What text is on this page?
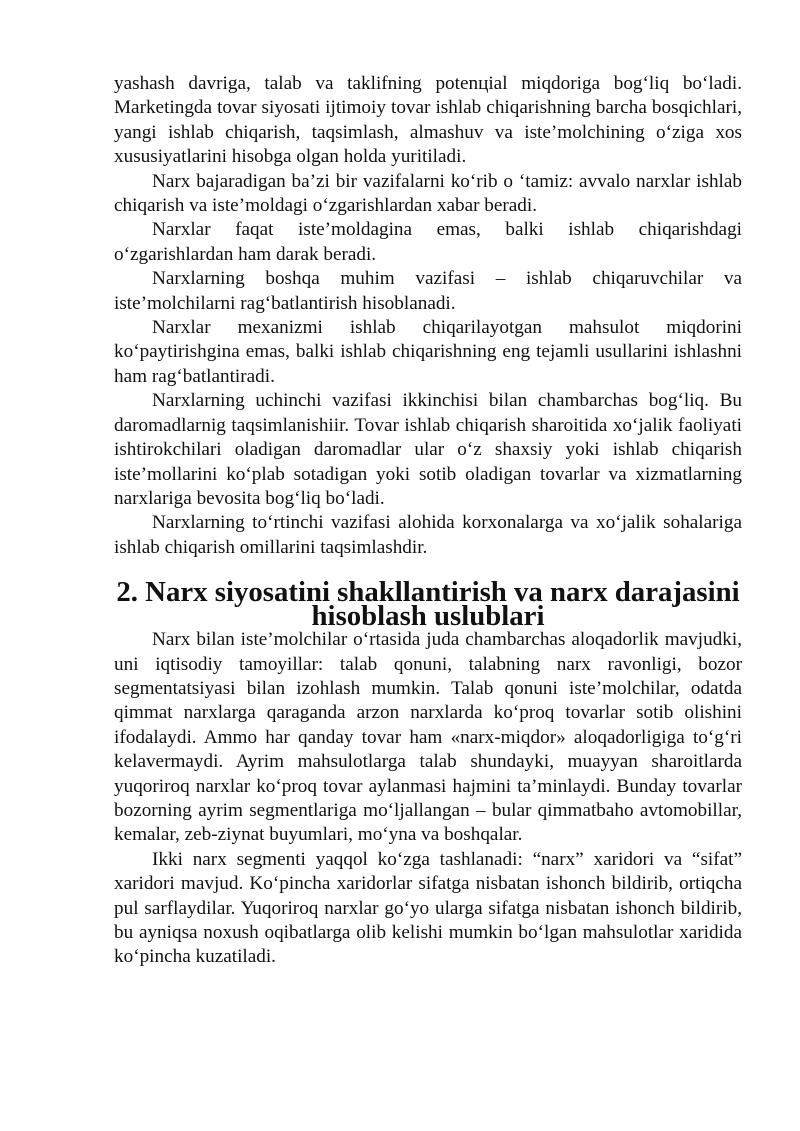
yashash davriga, talab va taklifning potenцial miqdoriga bog‘liq bo‘ladi. Marketingda tovar siyosati ijtimoiy tovar ishlab chiqarishning barcha bosqichlari, yangi ishlab chiqarish, taqsimlash, almashuv va iste’molchining o‘ziga xos xususiyatlarini hisobga olgan holda yuritiladi.

Narx bajaradigan ba’zi bir vazifalarni ko‘rib o ‘tamiz: avvalo narxlar ishlab chiqarish va iste’moldagi o‘zgarishlardan xabar beradi.

Narxlar faqat iste’moldagina emas, balki ishlab chiqarishdagi o‘zgarishlardan ham darak beradi.

Narxlarning boshqa muhim vazifasi – ishlab chiqaruvchilar va iste’molchilarni rag‘batlantirish hisoblanadi.

Narxlar mexanizmi ishlab chiqarilayotgan mahsulot miqdorini ko‘paytirishgina emas, balki ishlab chiqarishning eng tejamli usullarini ishlashni ham rag‘batlantiradi.

Narxlarning uchinchi vazifasi ikkinchisi bilan chambarchas bog‘liq. Bu daromadlarnig taqsimlanishiir. Tovar ishlab chiqarish sharoitida xo‘jalik faoliyati ishtirokchilari oladigan daromadlar ular o‘z shaxsiy yoki ishlab chiqarish iste’mollarini ko‘plab sotadigan yoki sotib oladigan tovarlar va xizmatlarning narxlariga bevosita bog‘liq bo‘ladi.

Narxlarning to‘rtinchi vazifasi alohida korxonalarga va xo‘jalik sohalariga ishlab chiqarish omillarini taqsimlashdir.

2. Narx siyosatini shakllantirish va narx darajasini
hisoblash uslublari

Narx bilan iste’molchilar o‘rtasida juda chambarchas aloqadorlik mavjudki, uni iqtisodiy tamoyillar: talab qonuni, talabning narx ravonligi, bozor segmentatsiyasi bilan izohlash mumkin. Talab qonuni iste’molchilar, odatda qimmat narxlarga qaraganda arzon narxlarda ko‘proq tovarlar sotib olishini ifodalaydi. Ammo har qanday tovar ham «narx-miqdor» aloqadorligiga to‘g‘ri kelavermaydi. Ayrim mahsulotlarga talab shundayki, muayyan sharoitlarda yuqoriroq narxlar ko‘proq tovar aylanmasi hajmini ta’minlaydi. Bunday tovarlar bozorning ayrim segmentlariga mo‘ljallangan – bular qimmatbaho avtomobillar, kemalar, zeb-ziynat buyumlari, mo‘yna va boshqalar.

Ikki narx segmenti yaqqol ko‘zga tashlanadi: “narx” xaridori va “sifat” xaridori mavjud. Ko‘pincha xaridorlar sifatga nisbatan ishonch bildirib, ortiqcha pul sarflaydilar. Yuqoriroq narxlar go‘yo ularga sifatga nisbatan ishonch bildirib, bu ayniqsa noxush oqibatlarga olib kelishi mumkin bo‘lgan mahsulotlar xaridida ko‘pincha kuzatiladi.
